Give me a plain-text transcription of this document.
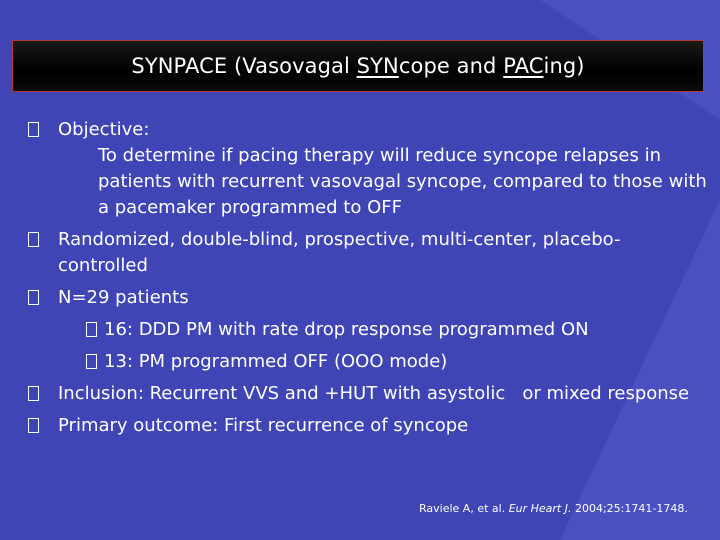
SYNPACE (Vasovagal SYNcope and PACing)
Objective:
To determine if pacing therapy will reduce syncope relapses in patients with recurrent vasovagal syncope, compared to those with a pacemaker programmed to OFF
Randomized, double-blind, prospective, multi-center, placebo-controlled
N=29 patients
16: DDD PM with rate drop response programmed ON
13: PM programmed OFF (OOO mode)
Inclusion: Recurrent VVS and +HUT with asystolic   or mixed response
Primary outcome: First recurrence of syncope
Raviele A, et al. Eur Heart J. 2004;25:1741-1748.
